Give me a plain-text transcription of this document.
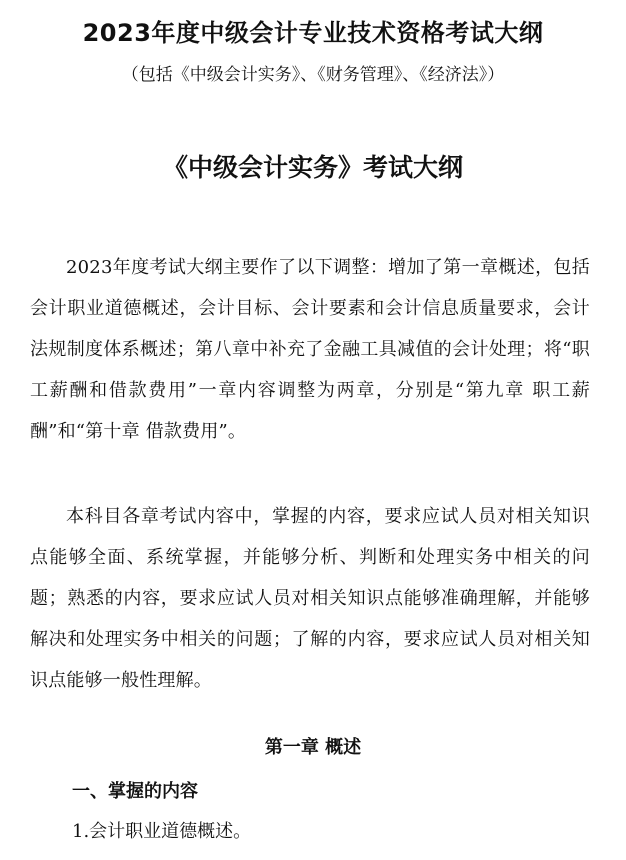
2023年度中级会计专业技术资格考试大纲
（包括《中级会计实务》、《财务管理》、《经济法》）
《中级会计实务》考试大纲

2023年度考试大纲主要作了以下调整：增加了第一章概述，包括会计职业道德概述，会计目标、会计要素和会计信息质量要求，会计法规制度体系概述；第八章中补充了金融工具减值的会计处理；将“职工薪酬和借款费用”一章内容调整为两章，分别是“第九章 职工薪酬”和“第十章 借款费用”。

本科目各章考试内容中，掌握的内容，要求应试人员对相关知识点能够全面、系统掌握，并能够分析、判断和处理实务中相关的问题；熟悉的内容，要求应试人员对相关知识点能够准确理解，并能够解决和处理实务中相关的问题；了解的内容，要求应试人员对相关知识点能够一般性理解。

第一章 概述
一、掌握的内容
1.会计职业道德概述。
